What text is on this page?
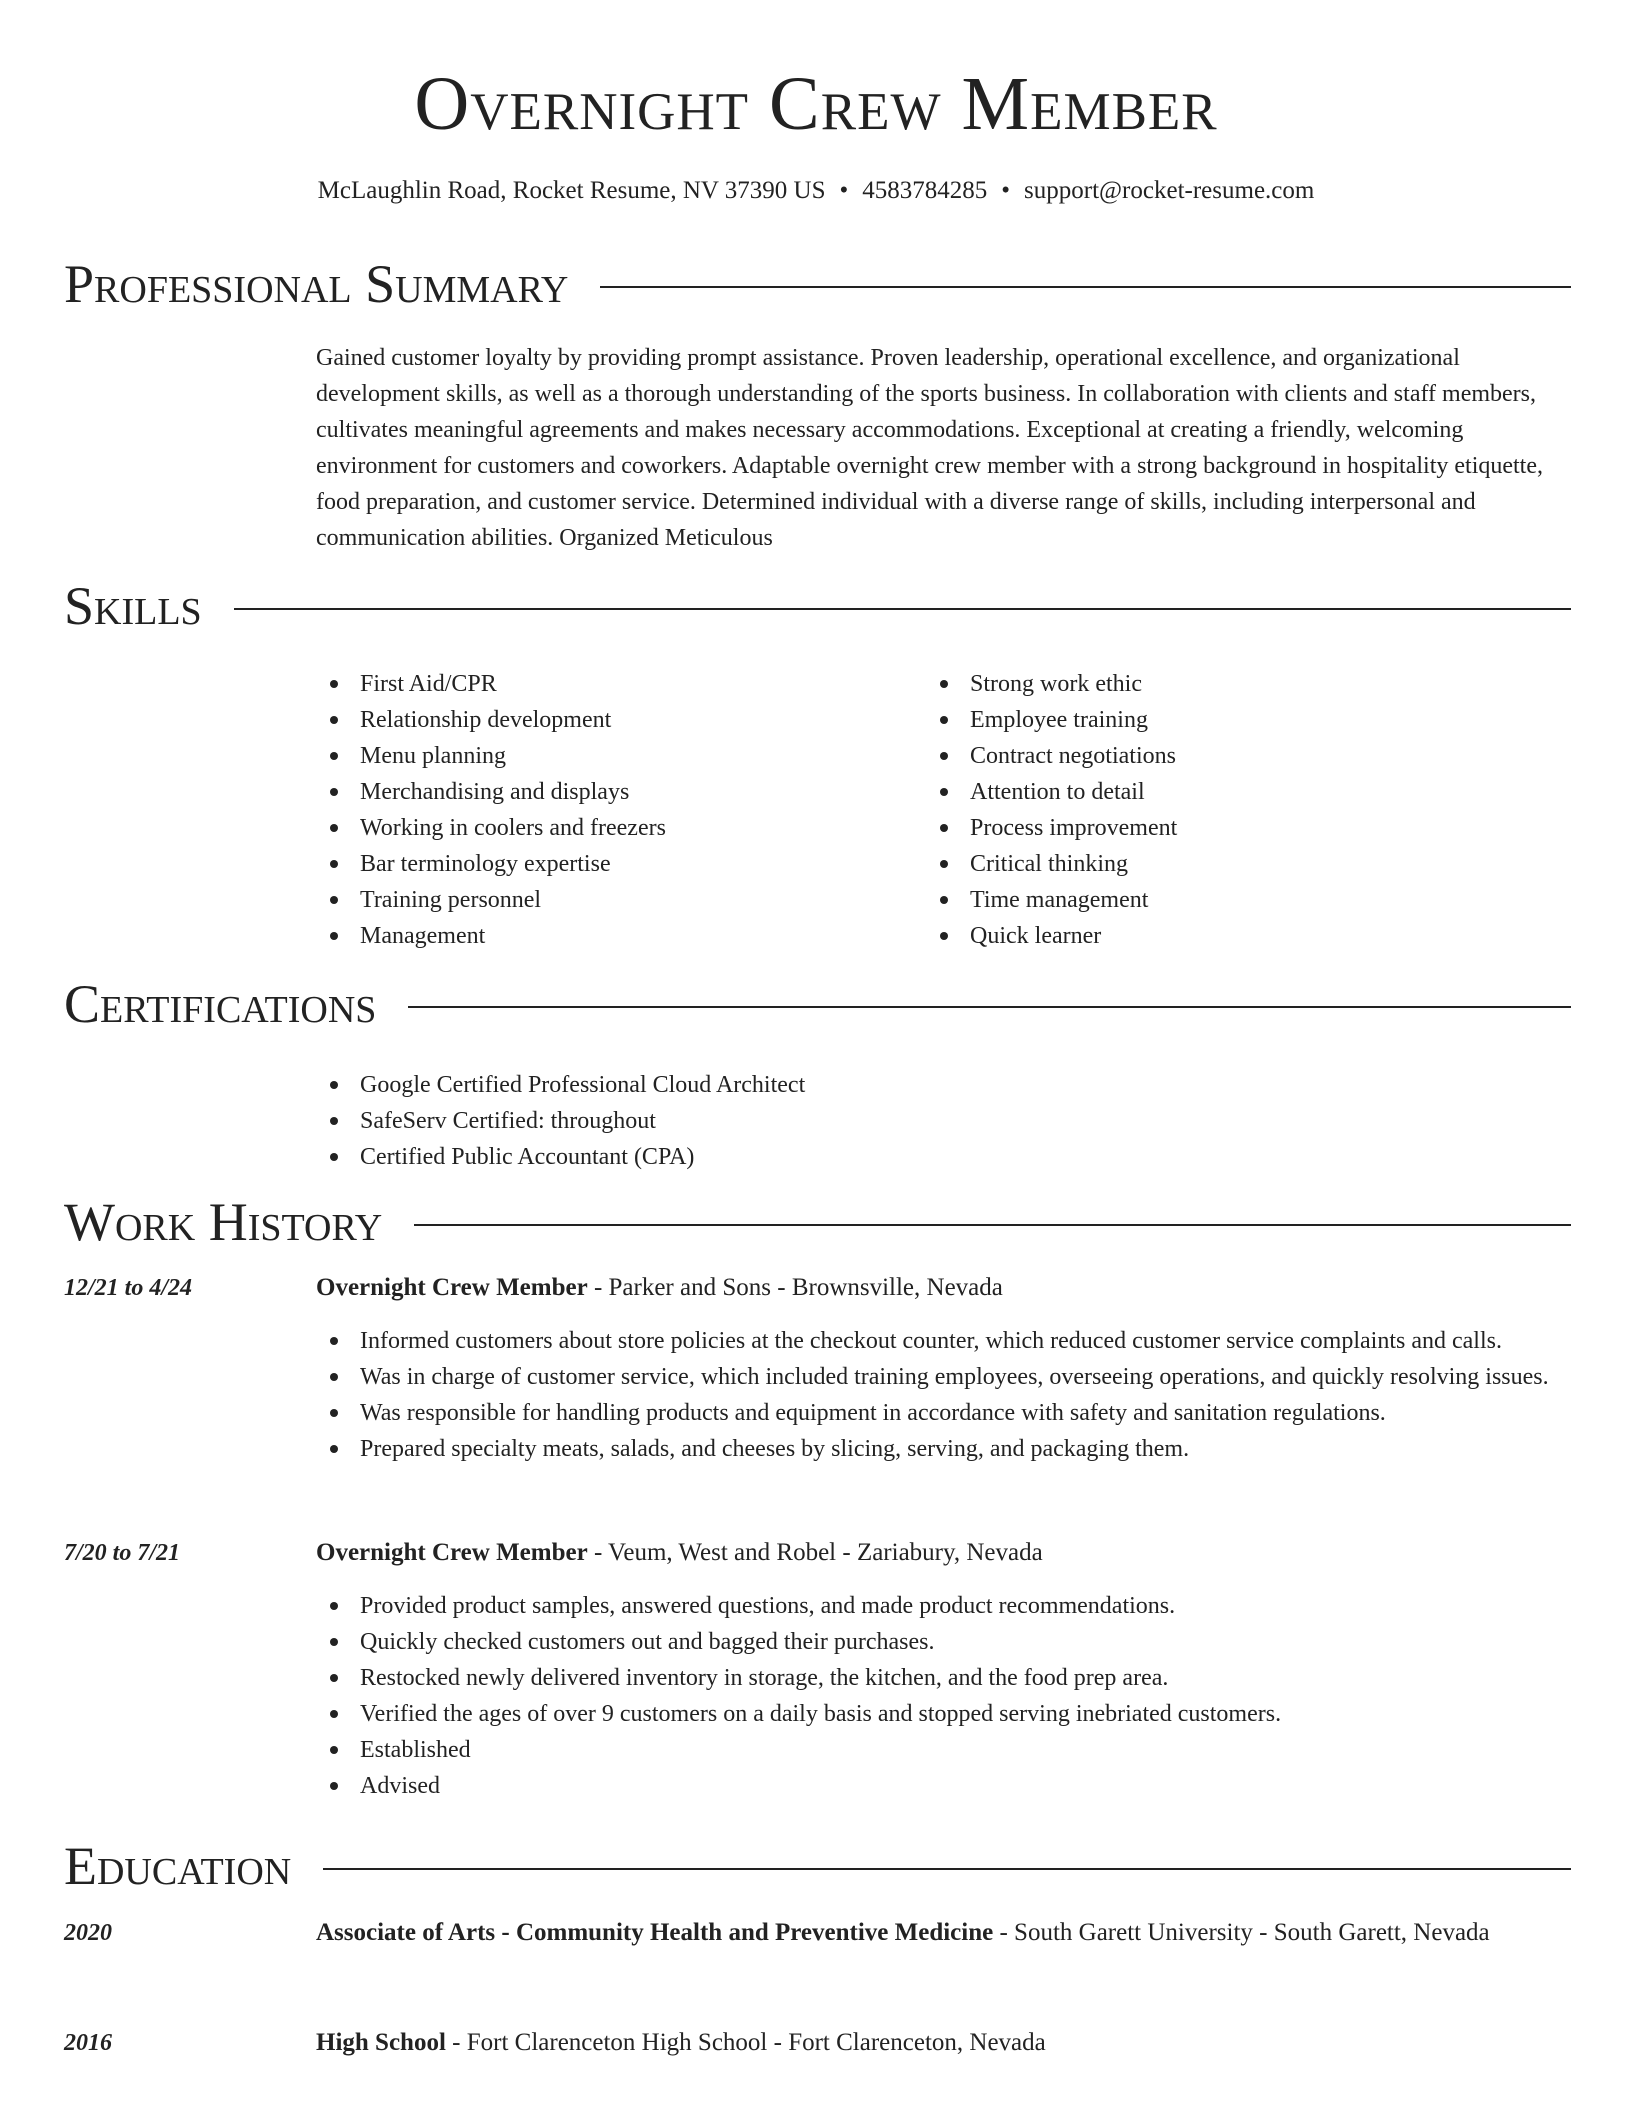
Overnight Crew Member
McLaughlin Road, Rocket Resume, NV 37390 US • 4583784285 • support@rocket-resume.com
Professional Summary
Gained customer loyalty by providing prompt assistance. Proven leadership, operational excellence, and organizational development skills, as well as a thorough understanding of the sports business. In collaboration with clients and staff members, cultivates meaningful agreements and makes necessary accommodations. Exceptional at creating a friendly, welcoming environment for customers and coworkers. Adaptable overnight crew member with a strong background in hospitality etiquette, food preparation, and customer service. Determined individual with a diverse range of skills, including interpersonal and communication abilities. Organized Meticulous
Skills
First Aid/CPR
Relationship development
Menu planning
Merchandising and displays
Working in coolers and freezers
Bar terminology expertise
Training personnel
Management
Strong work ethic
Employee training
Contract negotiations
Attention to detail
Process improvement
Critical thinking
Time management
Quick learner
Certifications
Google Certified Professional Cloud Architect
SafeServ Certified: throughout
Certified Public Accountant (CPA)
Work History
12/21 to 4/24	Overnight Crew Member - Parker and Sons - Brownsville, Nevada
Informed customers about store policies at the checkout counter, which reduced customer service complaints and calls.
Was in charge of customer service, which included training employees, overseeing operations, and quickly resolving issues.
Was responsible for handling products and equipment in accordance with safety and sanitation regulations.
Prepared specialty meats, salads, and cheeses by slicing, serving, and packaging them.
7/20 to 7/21	Overnight Crew Member - Veum, West and Robel - Zariabury, Nevada
Provided product samples, answered questions, and made product recommendations.
Quickly checked customers out and bagged their purchases.
Restocked newly delivered inventory in storage, the kitchen, and the food prep area.
Verified the ages of over 9 customers on a daily basis and stopped serving inebriated customers.
Established
Advised
Education
2020	Associate of Arts - Community Health and Preventive Medicine - South Garett University - South Garett, Nevada
2016	High School - Fort Clarenceton High School - Fort Clarenceton, Nevada
